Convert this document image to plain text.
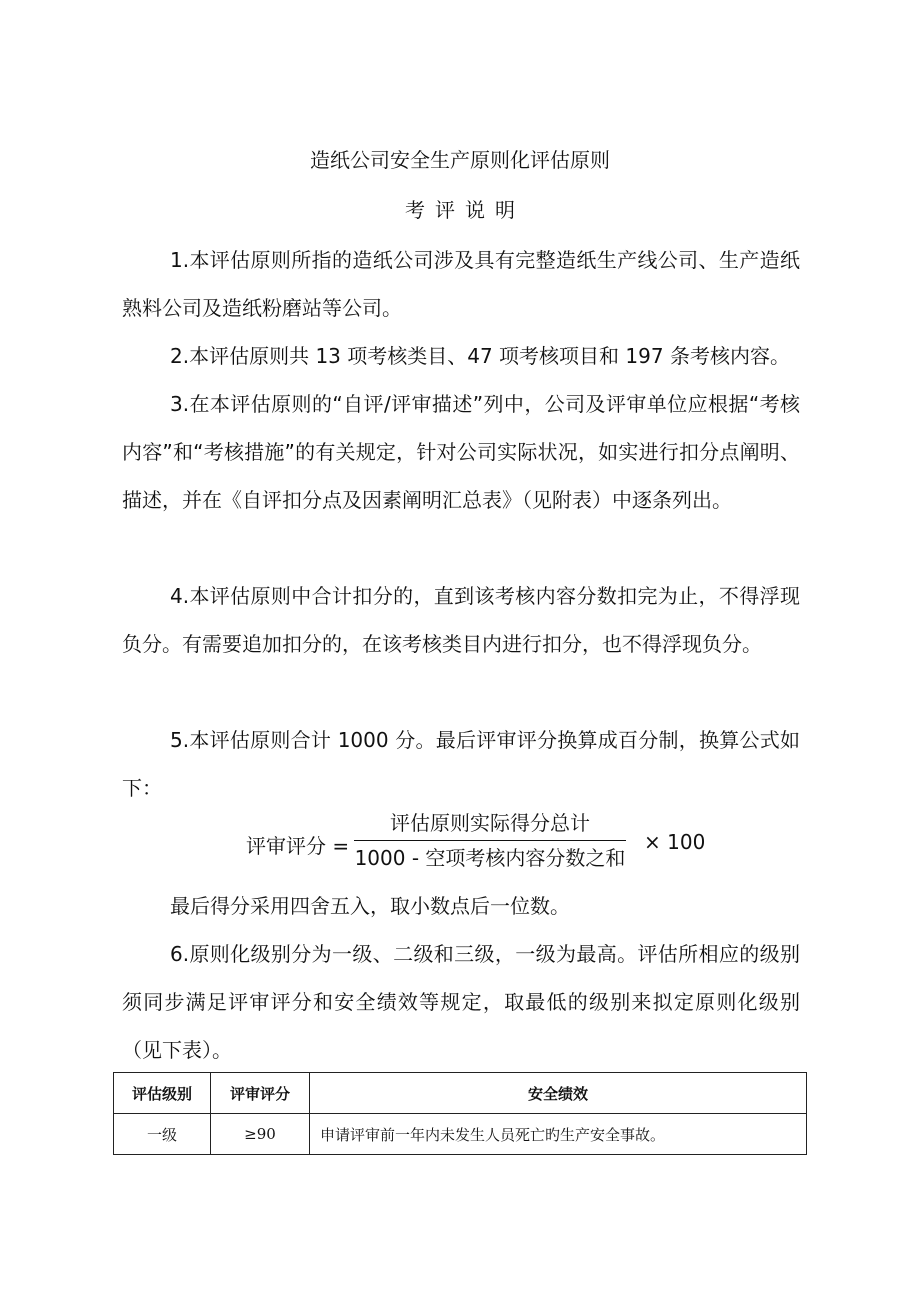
造纸公司安全生产原则化评估原则
考评说明

1.本评估原则所指的造纸公司涉及具有完整造纸生产线公司、生产造纸熟料公司及造纸粉磨站等公司。

2.本评估原则共 13 项考核类目、47 项考核项目和 197 条考核内容。

3.在本评估原则的“自评/评审描述”列中，公司及评审单位应根据“考核内容”和“考核措施”的有关规定，针对公司实际状况，如实进行扣分点阐明、描述，并在《自评扣分点及因素阐明汇总表》（见附表）中逐条列出。

4.本评估原则中合计扣分的，直到该考核内容分数扣完为止，不得浮现负分。有需要追加扣分的，在该考核类目内进行扣分，也不得浮现负分。

5.本评估原则合计 1000 分。最后评审评分换算成百分制，换算公式如下：

评审评分 =
评估原则实际得分总计
1000 - 空项考核内容分数之和
× 100

最后得分采用四舍五入，取小数点后一位数。

6.原则化级别分为一级、二级和三级，一级为最高。评估所相应的级别须同步满足评审评分和安全绩效等规定，取最低的级别来拟定原则化级别（见下表）。

评估级别	评审评分	安全绩效
一级	≥90	申请评审前一年内未发生人员死亡旳生产安全事故。
